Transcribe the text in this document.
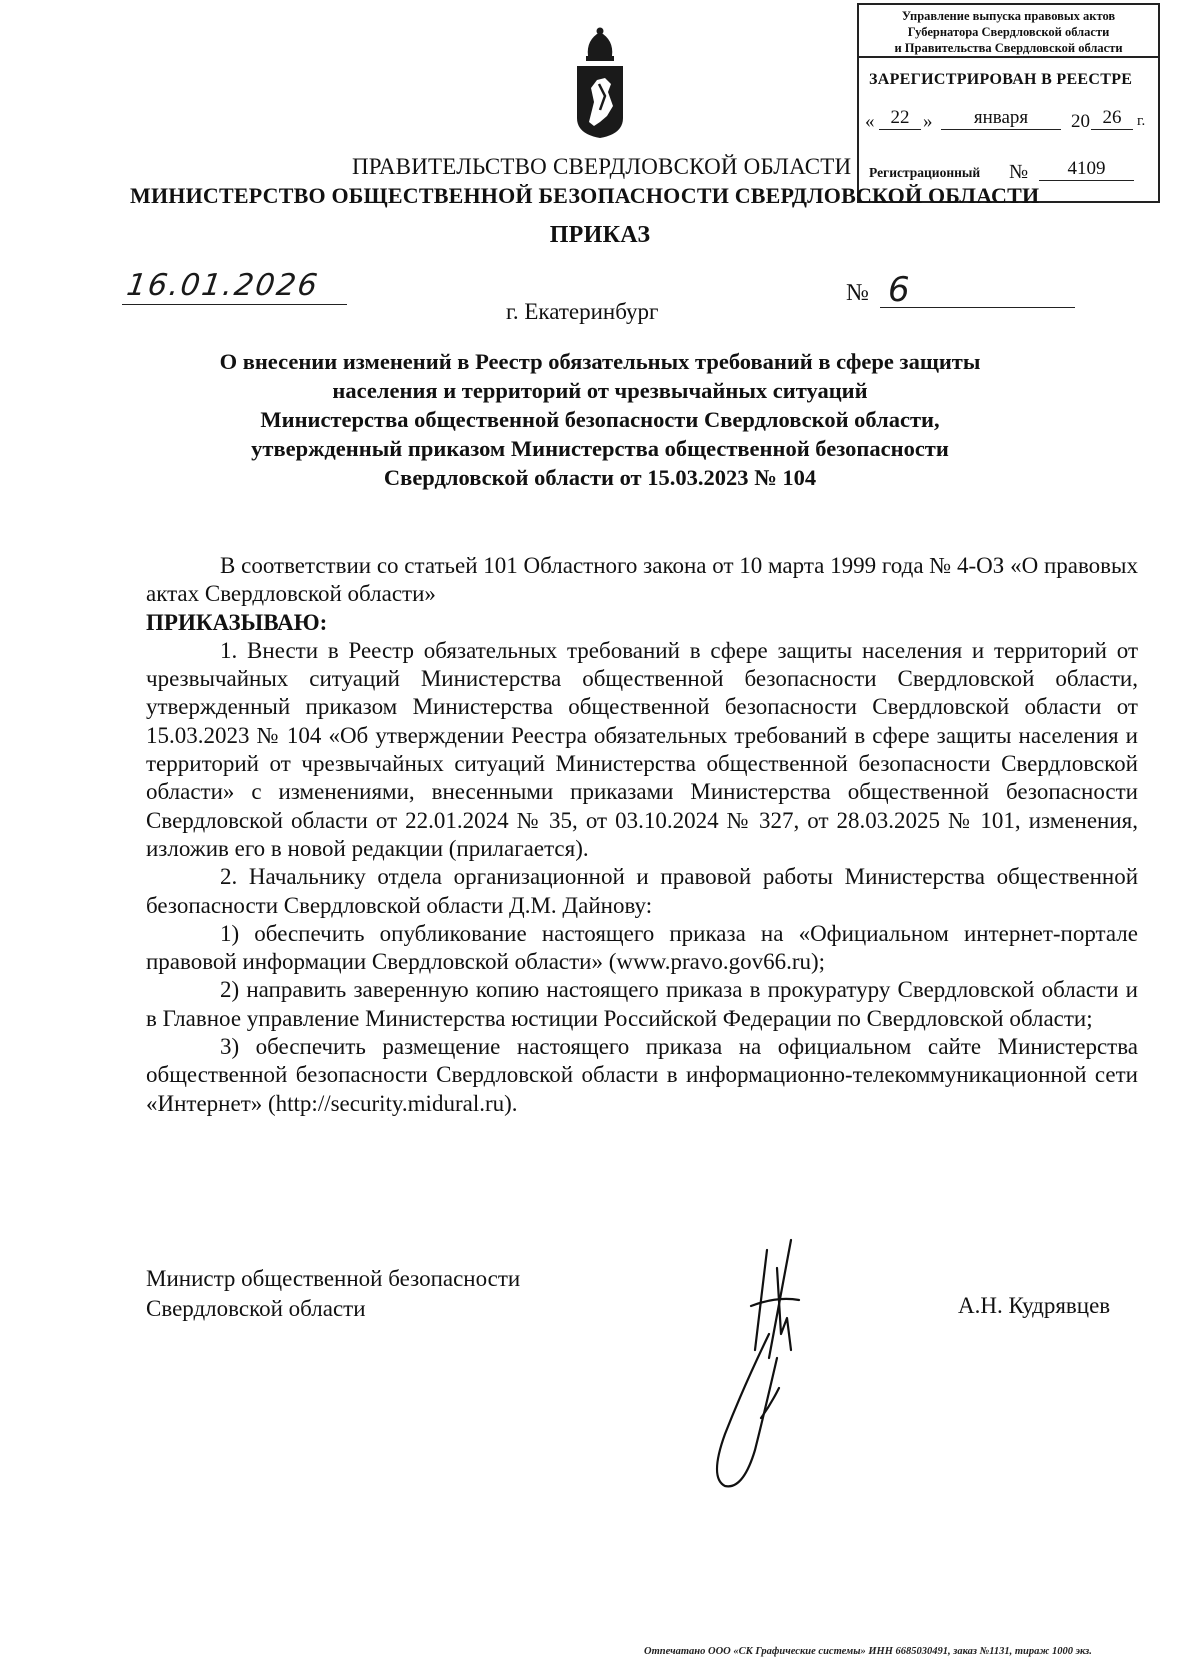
Управление выпуска правовых актов
Губернатора Свердловской области
и Правительства Свердловской области
ЗАРЕГИСТРИРОВАН В РЕЕСТРЕ
« 22 »	января	20 26	г.
Регистрационный №	4109
ПРАВИТЕЛЬСТВО СВЕРДЛОВСКОЙ ОБЛАСТИ
МИНИСТЕРСТВО ОБЩЕСТВЕННОЙ БЕЗОПАСНОСТИ СВЕРДЛОВСКОЙ ОБЛАСТИ
ПРИКАЗ
16.01.2026	№ 6
г. Екатеринбург
О внесении изменений в Реестр обязательных требований в сфере защиты
населения и территорий от чрезвычайных ситуаций
Министерства общественной безопасности Свердловской области,
утвержденный приказом Министерства общественной безопасности
Свердловской области от 15.03.2023 № 104
В соответствии со статьей 101 Областного закона от 10 марта 1999 года № 4-ОЗ «О правовых актах Свердловской области»
ПРИКАЗЫВАЮ:
1. Внести в Реестр обязательных требований в сфере защиты населения и территорий от чрезвычайных ситуаций Министерства общественной безопасности Свердловской области, утвержденный приказом Министерства общественной безопасности Свердловской области от 15.03.2023 № 104 «Об утверждении Реестра обязательных требований в сфере защиты населения и территорий от чрезвычайных ситуаций Министерства общественной безопасности Свердловской области» с изменениями, внесенными приказами Министерства общественной безопасности Свердловской области от 22.01.2024 № 35, от 03.10.2024 № 327, от 28.03.2025 № 101, изменения, изложив его в новой редакции (прилагается).
2. Начальнику отдела организационной и правовой работы Министерства общественной безопасности Свердловской области Д.М. Дайнову:
1) обеспечить опубликование настоящего приказа на «Официальном интернет-портале правовой информации Свердловской области» (www.pravo.gov66.ru);
2) направить заверенную копию настоящего приказа в прокуратуру Свердловской области и в Главное управление Министерства юстиции Российской Федерации по Свердловской области;
3) обеспечить размещение настоящего приказа на официальном сайте Министерства общественной безопасности Свердловской области в информационно-телекоммуникационной сети «Интернет» (http://security.midural.ru).
Министр общественной безопасности
Свердловской области	А.Н. Кудрявцев
Отпечатано ООО «СК Графические системы» ИНН 6685030491, заказ №1131, тираж 1000 экз.
